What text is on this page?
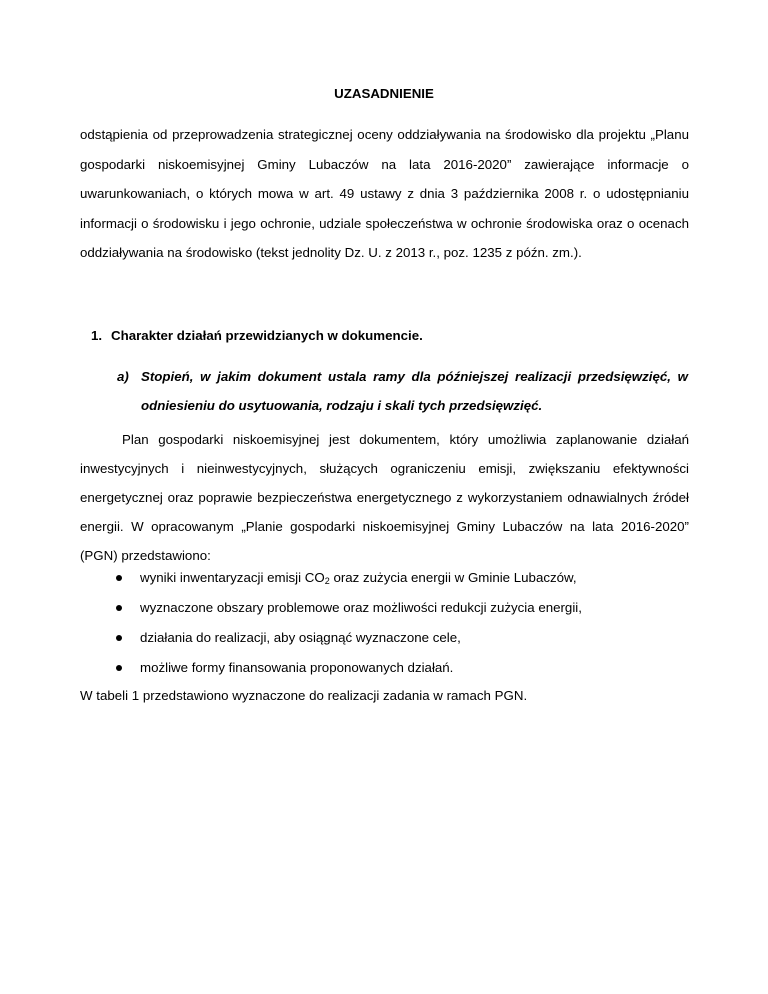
UZASADNIENIE

odstąpienia od przeprowadzenia strategicznej oceny oddziaływania na środowisko dla projektu „Planu gospodarki niskoemisyjnej Gminy Lubaczów na lata 2016-2020” zawierające informacje o uwarunkowaniach, o których mowa w art. 49 ustawy z dnia 3 października 2008 r. o udostępnianiu informacji o środowisku i jego ochronie, udziale społeczeństwa w ochronie środowiska oraz o ocenach oddziaływania na środowisko (tekst jednolity Dz. U. z 2013 r., poz. 1235 z późn. zm.).

1. Charakter działań przewidzianych w dokumencie.

a) Stopień, w jakim dokument ustala ramy dla późniejszej realizacji przedsięwzięć, w odniesieniu do usytuowania, rodzaju i skali tych przedsięwzięć.

Plan gospodarki niskoemisyjnej jest dokumentem, który umożliwia zaplanowanie działań inwestycyjnych i nieinwestycyjnych, służących ograniczeniu emisji, zwiększaniu efektywności energetycznej oraz poprawie bezpieczeństwa energetycznego z wykorzystaniem odnawialnych źródeł energii. W opracowanym „Planie gospodarki niskoemisyjnej Gminy Lubaczów na lata 2016-2020” (PGN) przedstawiono:

wyniki inwentaryzacji emisji $CO_2$ oraz zużycia energii w Gminie Lubaczów,
wyznaczone obszary problemowe oraz możliwości redukcji zużycia energii,
działania do realizacji, aby osiągnąć wyznaczone cele,
możliwe formy finansowania proponowanych działań.

W tabeli 1 przedstawiono wyznaczone do realizacji zadania w ramach PGN.
